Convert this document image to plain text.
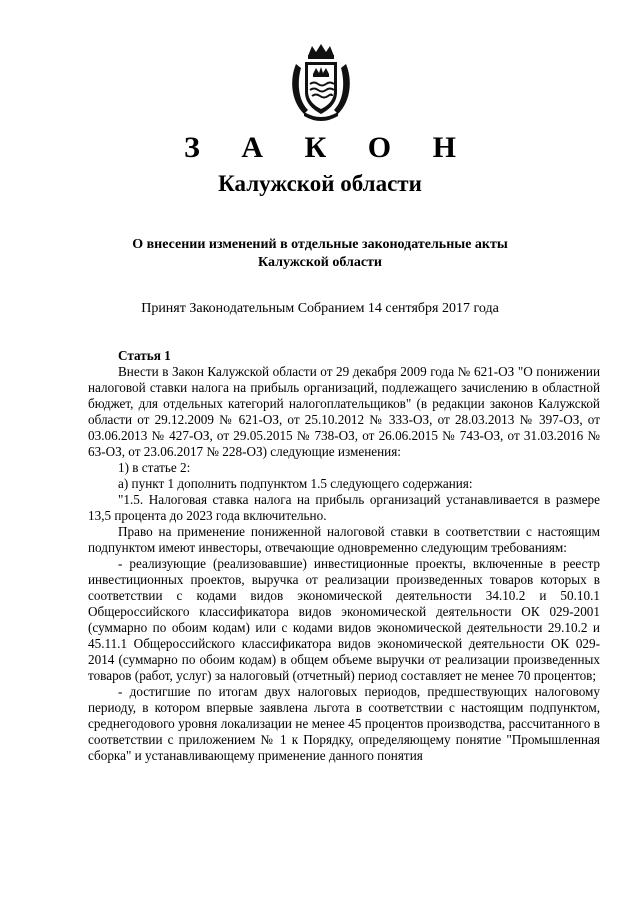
З А К О Н
Калужской области
О внесении изменений в отдельные законодательные акты
Калужской области
Принят Законодательным Собранием 14 сентября 2017 года

Статья 1

Внести в Закон Калужской области от 29 декабря 2009 года № 621-ОЗ "О понижении налоговой ставки налога на прибыль организаций, подлежащего зачислению в областной бюджет, для отдельных категорий налогоплательщиков" (в редакции законов Калужской области от 29.12.2009 № 621-ОЗ, от 25.10.2012 № 333-ОЗ, от 28.03.2013 № 397-ОЗ, от 03.06.2013 № 427-ОЗ, от 29.05.2015 № 738-ОЗ, от 26.06.2015 № 743-ОЗ, от 31.03.2016 № 63-ОЗ, от 23.06.2017 № 228-ОЗ) следующие изменения:

1) в статье 2:

а) пункт 1 дополнить подпунктом 1.5 следующего содержания:

"1.5. Налоговая ставка налога на прибыль организаций устанавливается в размере 13,5 процента до 2023 года включительно.

Право на применение пониженной налоговой ставки в соответствии с настоящим подпунктом имеют инвесторы, отвечающие одновременно следующим требованиям:

- реализующие (реализовавшие) инвестиционные проекты, включенные в реестр инвестиционных проектов, выручка от реализации произведенных товаров которых в соответствии с кодами видов экономической деятельности 34.10.2 и 50.10.1 Общероссийского классификатора видов экономической деятельности ОК 029-2001 (суммарно по обоим кодам) или с кодами видов экономической деятельности 29.10.2 и 45.11.1 Общероссийского классификатора видов экономической деятельности ОК 029-2014 (суммарно по обоим кодам) в общем объеме выручки от реализации произведенных товаров (работ, услуг) за налоговый (отчетный) период составляет не менее 70 процентов;

- достигшие по итогам двух налоговых периодов, предшествующих налоговому периоду, в котором впервые заявлена льгота в соответствии с настоящим подпунктом, среднегодового уровня локализации не менее 45 процентов производства, рассчитанного в соответствии с приложением № 1 к Порядку, определяющему понятие "Промышленная сборка" и устанавливающему применение данного понятия
